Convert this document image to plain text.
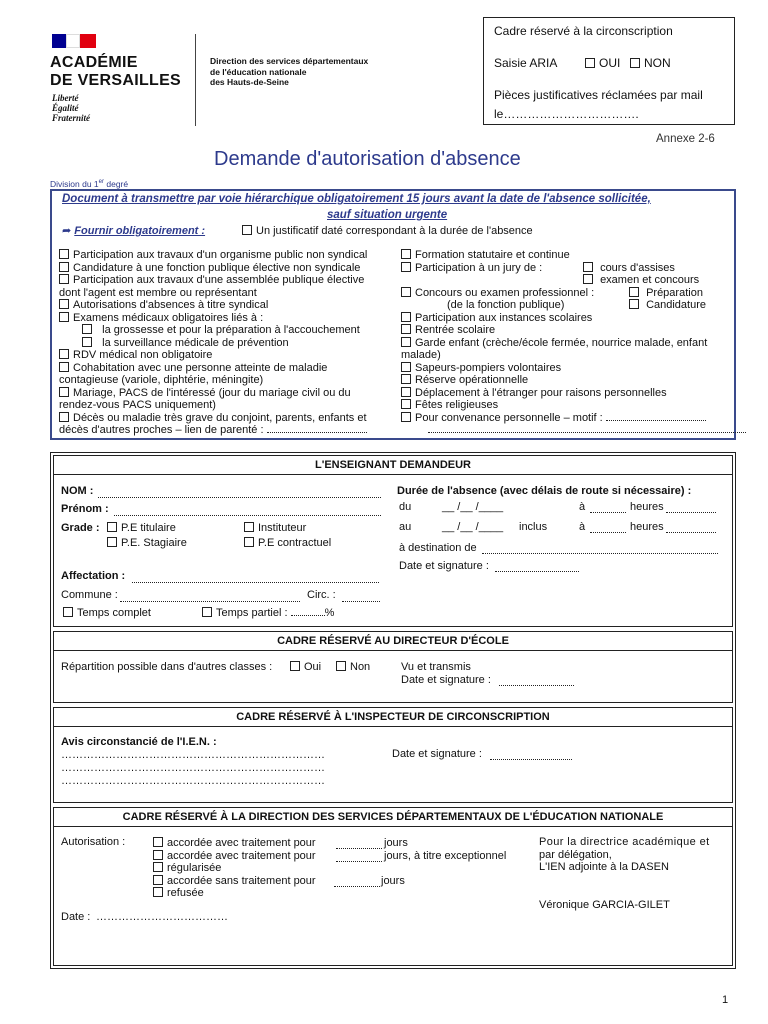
ACADÉMIE
DE VERSAILLES
Liberté
Égalité
Fraternité
Direction des services départementaux
de l'éducation nationale
des Hauts-de-Seine
Cadre réservé à la circonscription
Saisie ARIA	OUI	NON
Pièces justificatives réclamées par mail
le…………………………….
Annexe 2-6
Demande d'autorisation d'absence
Division du 1er degré
Document à transmettre par voie hiérarchique obligatoirement 15 jours avant la date de l'absence sollicitée,
sauf situation urgente
➦ Fournir obligatoirement :	Un justificatif daté correspondant à la durée de l'absence
Participation aux travaux d'un organisme public non syndical
Candidature à une fonction publique élective non syndicale
Participation aux travaux d'une assemblée publique élective
dont l'agent est membre ou représentant
Autorisations d'absences à titre syndical
Examens médicaux obligatoires liés à :
la grossesse et pour la préparation à l'accouchement
la surveillance médicale de prévention
RDV médical non obligatoire
Cohabitation avec une personne atteinte de maladie
contagieuse (variole, diphtérie, méningite)
Mariage, PACS de l'intéressé (jour du mariage civil ou du
rendez-vous PACS uniquement)
Décès ou maladie très grave du conjoint, parents, enfants et
décès d'autres proches – lien de parenté :
Formation statutaire et continue
Participation à un jury de :	cours d'assises
examen et concours
Concours ou examen professionnel :
(de la fonction publique)
Préparation
Candidature
Participation aux instances scolaires
Rentrée scolaire
Garde enfant (crèche/école fermée, nourrice malade, enfant
malade)
Sapeurs-pompiers volontaires
Réserve opérationnelle
Déplacement à l'étranger pour raisons personnelles
Fêtes religieuses
Pour convenance personnelle – motif :
L'ENSEIGNANT DEMANDEUR
NOM :
Prénom :
Grade :	P.E titulaire	Instituteur
P.E. Stagiaire	P.E contractuel
Affectation :
Commune :	Circ. :
Temps complet	Temps partiel :	%
Durée de l'absence (avec délais de route si nécessaire) :
du	__ /__ /____	à	heures
au	__ /__ /____ inclus	à	heures
à destination de
Date et signature :
CADRE RÉSERVÉ AU DIRECTEUR D'ÉCOLE
Répartition possible dans d'autres classes :	Oui	Non	Vu et transmis
Date et signature :
CADRE RÉSERVÉ À L'INSPECTEUR DE CIRCONSCRIPTION
Avis circonstancié de l'I.E.N. :
………………………………………………………………
………………………………………………………………
………………………………………………………………
Date et signature :
CADRE RÉSERVÉ À LA DIRECTION DES SERVICES DÉPARTEMENTAUX DE L'ÉDUCATION NATIONALE
Autorisation :	accordée avec traitement pour	jours
accordée avec traitement pour	jours, à titre exceptionnel
régularisée
accordée sans traitement pour	jours
refusée
Pour la directrice académique et
par délégation,
L'IEN adjointe à la DASEN
Véronique GARCIA-GILET
Date : ………………………………
1
